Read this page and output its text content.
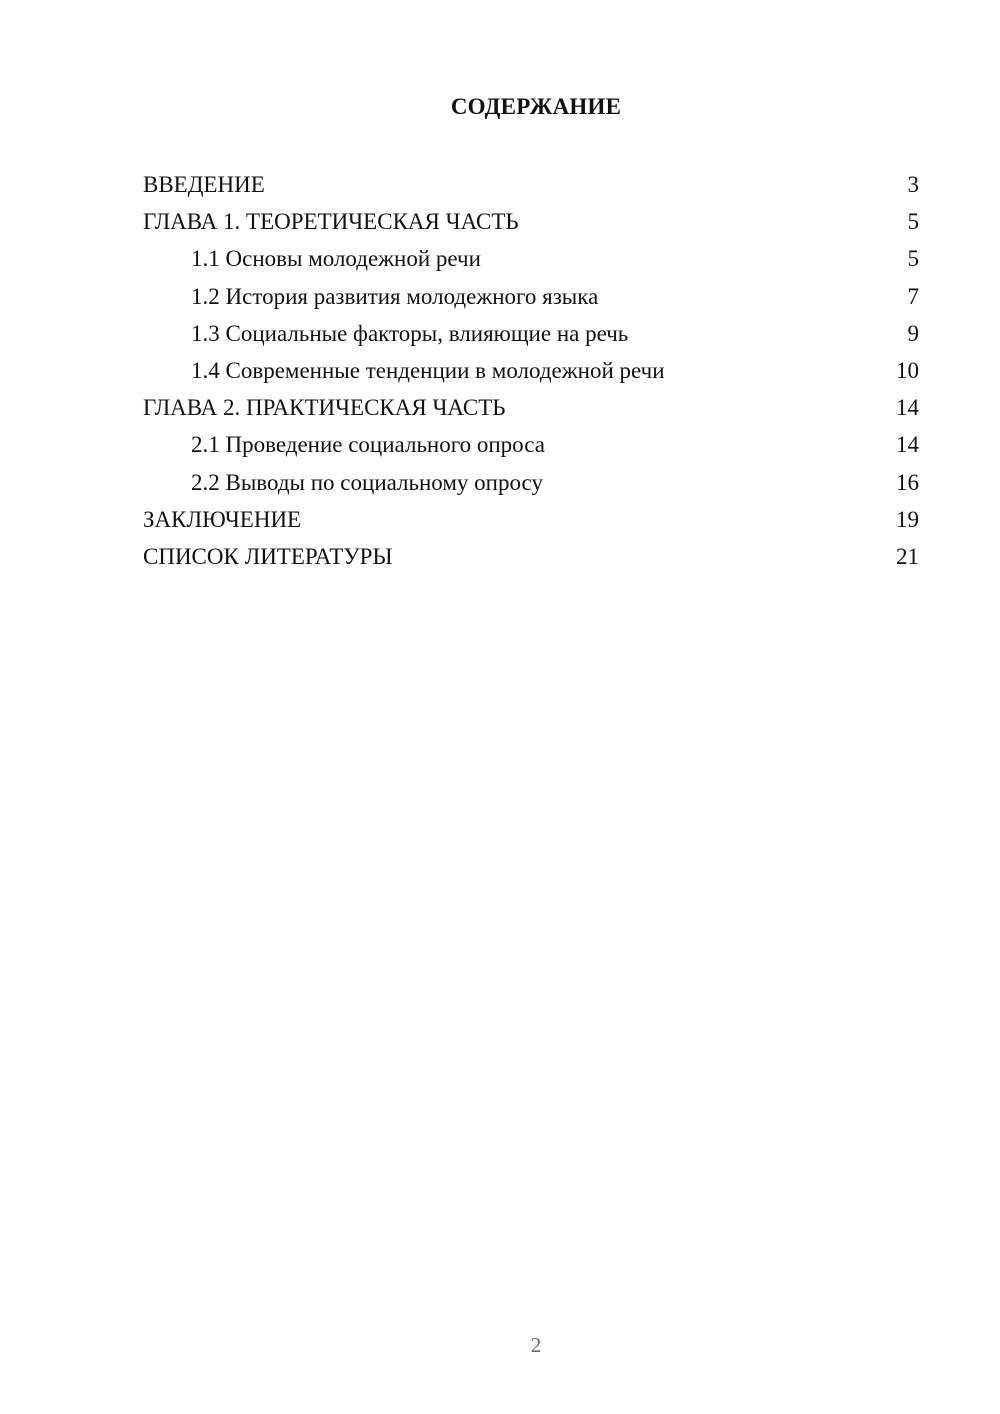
СОДЕРЖАНИЕ
ВВЕДЕНИЕ	3
ГЛАВА 1. ТЕОРЕТИЧЕСКАЯ ЧАСТЬ	5
1.1 Основы молодежной речи	5
1.2 История развития молодежного языка	7
1.3 Социальные факторы, влияющие на речь	9
1.4 Современные тенденции в молодежной речи	10
ГЛАВА 2. ПРАКТИЧЕСКАЯ ЧАСТЬ	14
2.1 Проведение социального опроса	14
2.2 Выводы по социальному опросу	16
ЗАКЛЮЧЕНИЕ	19
СПИСОК ЛИТЕРАТУРЫ	21
2
